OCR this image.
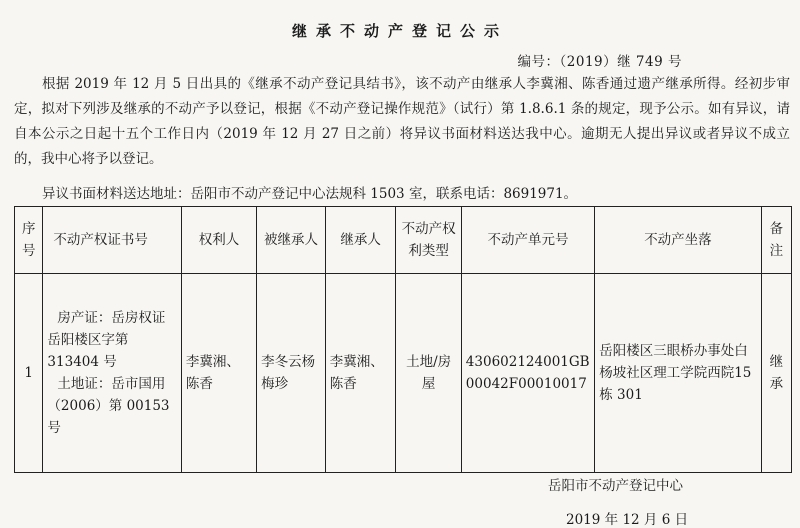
继承不动产登记公示
编号：（2019）继 749 号
根据 2019 年 12 月 5 日出具的《继承不动产登记具结书》，该不动产由继承人李冀湘、陈香通过遗产继承所得。经初步审定，拟对下列涉及继承的不动产予以登记，根据《不动产登记操作规范》（试行）第 1.8.6.1 条的规定，现予公示。如有异议，请自本公示之日起十五个工作日内（2019 年 12 月 27 日之前）将异议书面材料送达我中心。逾期无人提出异议或者异议不成立的，我中心将予以登记。
异议书面材料送达地址：岳阳市不动产登记中心法规科 1503 室，联系电话：8691971。
序号	不动产权证书号	权利人	被继承人	继承人	不动产权利类型	不动产单元号	不动产坐落	备注
1	房产证：岳房权证岳阳楼区字第 313404 号
土地证：岳市国用（2006）第 00153 号	李冀湘、陈香	李冬云杨梅珍	李冀湘、陈香	土地/房屋	430602124001GB00042F00010017	岳阳楼区三眼桥办事处白杨坡社区理工学院西院15 栋 301	继承
岳阳市不动产登记中心
2019 年 12 月 6 日
